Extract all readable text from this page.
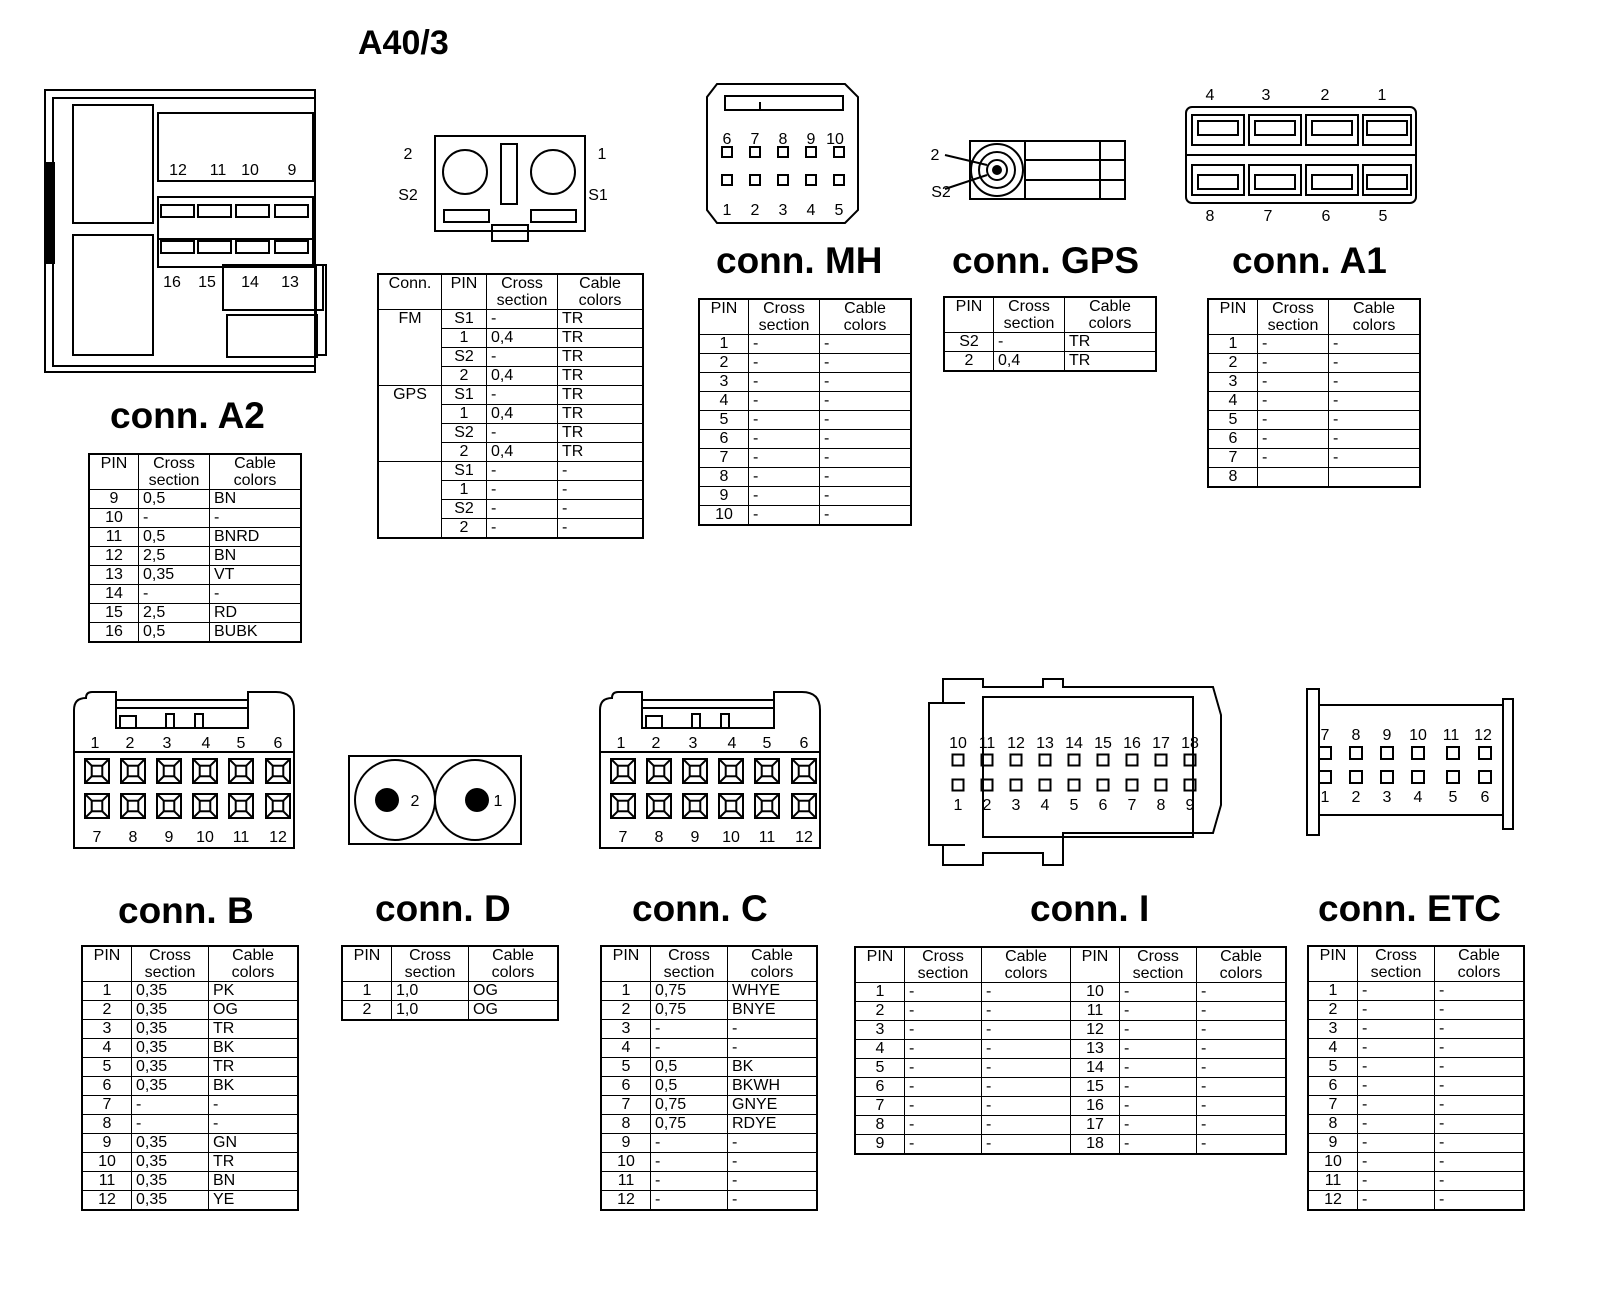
A40/3
12 11 10 9
16 15 14 13
2
S2
1
S1
6 7 8 9 10
1 2 3 4 5
2
S2
4	3	2	1
8	7	6	5
1 2 3 4 5 6
7 8 9 10 11 12
2	1
1 2 3 4 5 6
7 8 9 10 11 12
10 11 12 13 14 15 16 17 18
1 2 3 4 5 6 7 8 9
7 8 9 10 11 12
1 2 3 4 5 6
conn. A2
conn. MH conn. GPS	conn. A1
conn. B	conn. D	conn. C	conn. I	conn. ETC
PIN	Cross
section	Cable
colors
9	0,5	BN
10	-	-
11	0,5	BNRD
12	2,5	BN
13	0,35	VT
14	-	-
15	2,5	RD
16	0,5	BUBK
Conn.	PIN	Cross
section	Cable
colors
FM	S1	-	TR
	1	0,4	TR
	S2	-	TR
	2	0,4	TR
GPS	S1	-	TR
	1	0,4	TR
	S2	-	TR
	2	0,4	TR
	S1	-	-
	1	-	-
	S2	-	-
	2	-	-
PIN	Cross
section	Cable
colors
1	-	-
2	-	-
3	-	-
4	-	-
5	-	-
6	-	-
7	-	-
8	-	-
9	-	-
10	-	-
PIN	Cross
section	Cable
colors
S2	-	TR
2	0,4	TR
PIN	Cross
section	Cable
colors
1	-	-
2	-	-
3	-	-
4	-	-
5	-	-
6	-	-
7	-	-
8		
PIN	Cross
section	Cable
colors
1	0,35	PK
2	0,35	OG
3	0,35	TR
4	0,35	BK
5	0,35	TR
6	0,35	BK
7	-	-
8	-	-
9	0,35	GN
10	0,35	TR
11	0,35	BN
12	0,35	YE
PIN	Cross
section	Cable
colors
1	1,0	OG
2	1,0	OG
PIN	Cross
section	Cable
colors
1	0,75	WHYE
2	0,75	BNYE
3	-	-
4	-	-
5	0,5	BK
6	0,5	BKWH
7	0,75	GNYE
8	0,75	RDYE
9	-	-
10	-	-
11	-	-
12	-	-
PIN	Cross
section	Cable
colors	PIN	Cross
section	Cable
colors
1	-	-	10	-	-
2	-	-	11	-	-
3	-	-	12	-	-
4	-	-	13	-	-
5	-	-	14	-	-
6	-	-	15	-	-
7	-	-	16	-	-
8	-	-	17	-	-
9	-	-	18	-	-
PIN	Cross
section	Cable
colors
1	-	-
2	-	-
3	-	-
4	-	-
5	-	-
6	-	-
7	-	-
8	-	-
9	-	-
10	-	-
11	-	-
12	-	-
